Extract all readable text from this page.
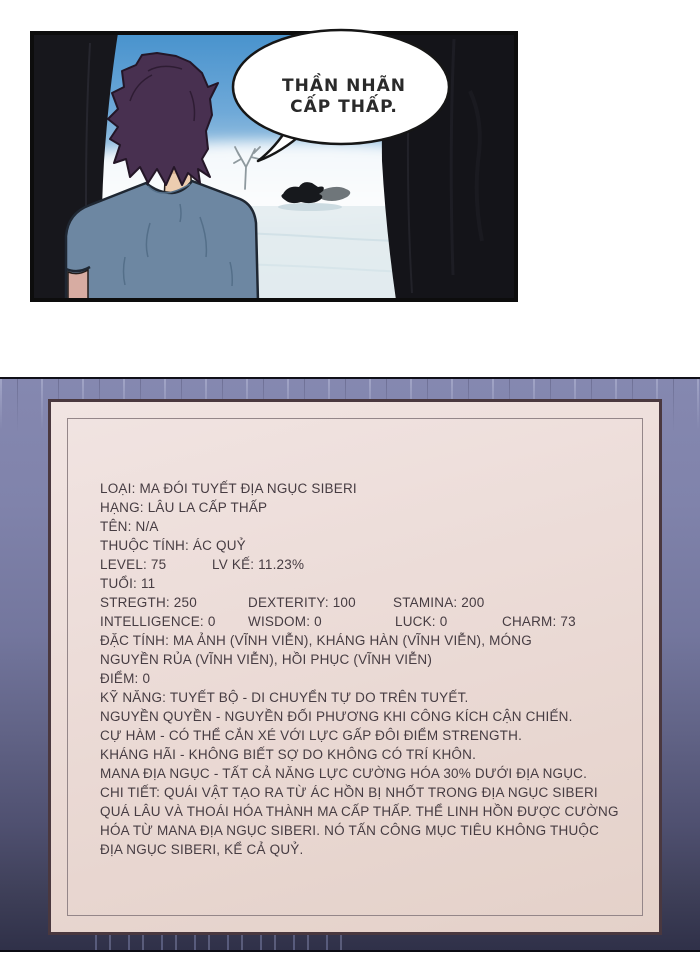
THẦN NHÃN
CẤP THẤP.
LOẠI: MA ĐÓI TUYẾT ĐỊA NGỤC SIBERI
HẠNG: LÂU LA CẤP THẤP
TÊN: N/A
THUỘC TÍNH: ÁC QUỶ
LEVEL: 75	LV KẾ: 11.23%
TUỔI: 11
STREGTH: 250	DEXTERITY: 100	STAMINA: 200
INTELLIGENCE: 0 WISDOM: 0	LUCK: 0	CHARM: 73
ĐẶC TÍNH: MA ẢNH (VĨNH VIỄN), KHÁNG HÀN (VĨNH VIỄN), MÓNG
NGUYỀN RỦA (VĨNH VIỄN), HỒI PHỤC (VĨNH VIỄN)
ĐIỂM: 0
KỸ NĂNG: TUYẾT BỘ - DI CHUYỂN TỰ DO TRÊN TUYẾT.
NGUYỀN QUYỀN - NGUYỀN ĐỐI PHƯƠNG KHI CÔNG KÍCH CẬN CHIẾN.
CỰ HÀM - CÓ THỂ CẮN XÉ VỚI LỰC GẤP ĐÔI ĐIỂM STRENGTH.
KHÁNG HÃI - KHÔNG BIẾT SỢ DO KHÔNG CÓ TRÍ KHÔN.
MANA ĐỊA NGỤC - TẤT CẢ NĂNG LỰC CƯỜNG HÓA 30% DƯỚI ĐỊA NGỤC.
CHI TIẾT: QUÁI VẬT TẠO RA TỪ ÁC HỒN BỊ NHỐT TRONG ĐỊA NGỤC SIBERI
QUÁ LÂU VÀ THOÁI HÓA THÀNH MA CẤP THẤP. THỂ LINH HỒN ĐƯỢC CƯỜNG
HÓA TỪ MANA ĐỊA NGỤC SIBERI. NÓ TẤN CÔNG MỤC TIÊU KHÔNG THUỘC
ĐỊA NGỤC SIBERI, KỂ CẢ QUỶ.
